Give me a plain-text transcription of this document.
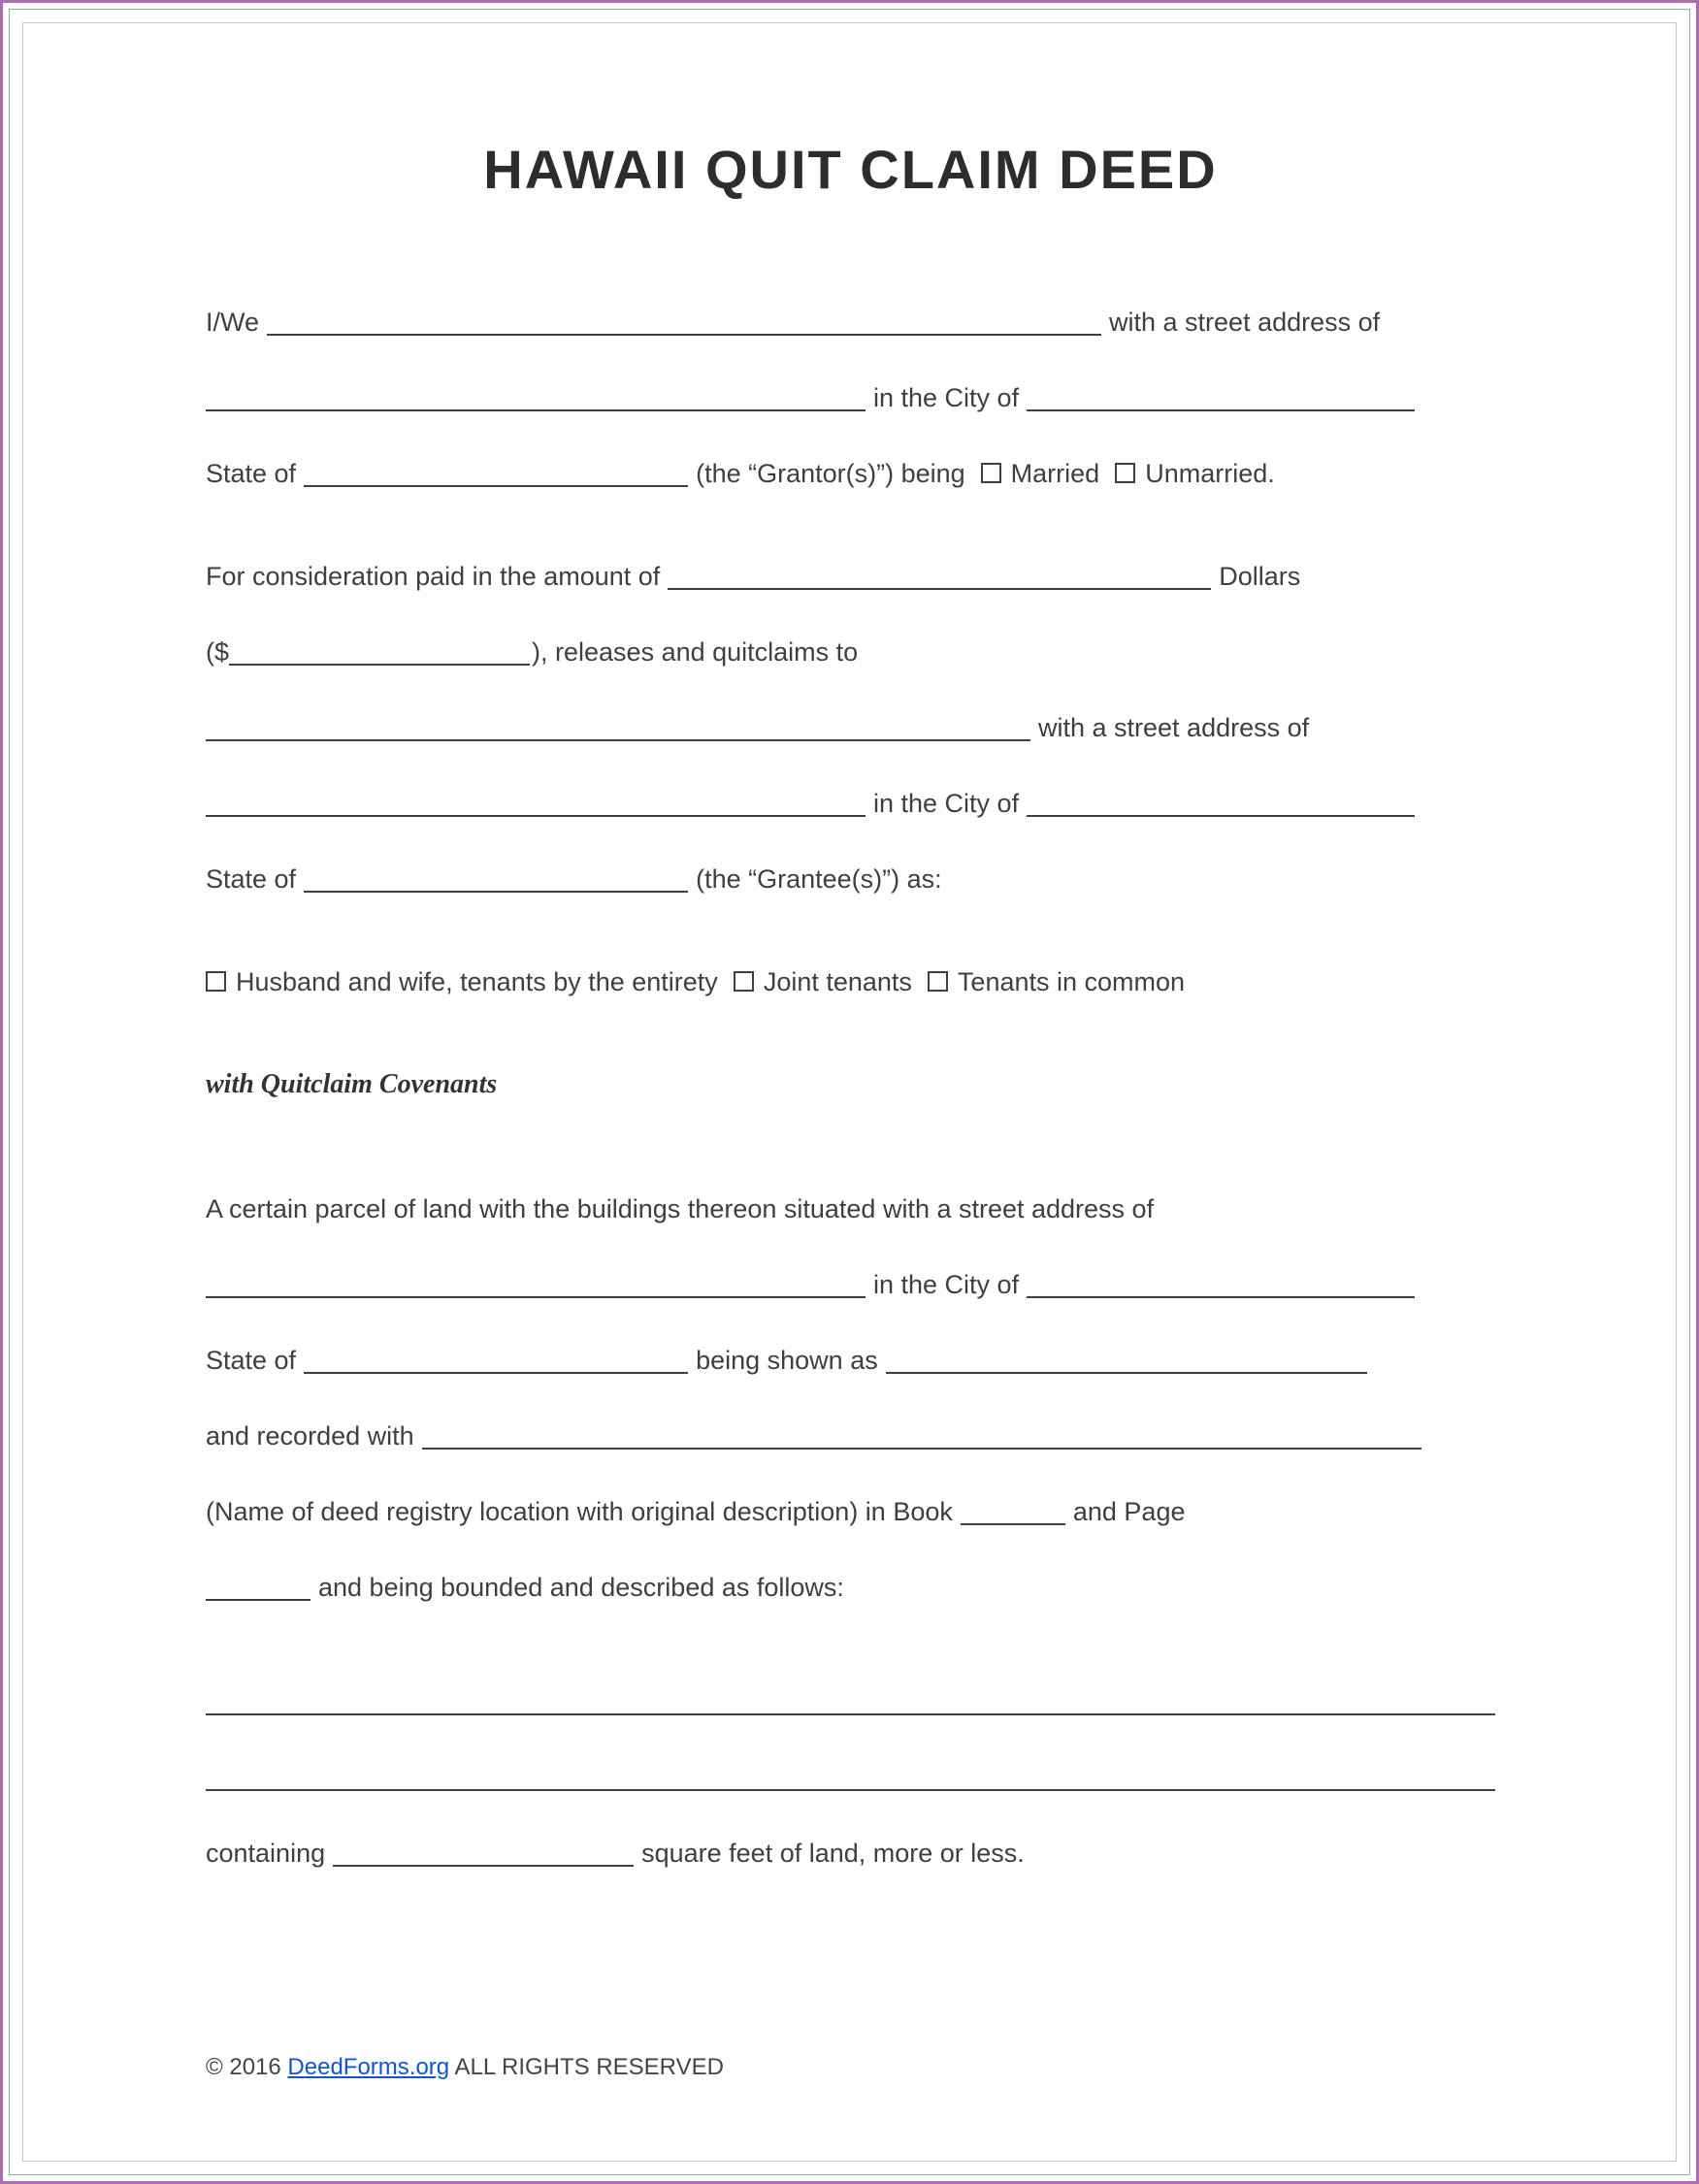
HAWAII QUIT CLAIM DEED

I/We	with a street address of

in the City of

State of	(the “Grantor(s)”) being Married Unmarried.

For consideration paid in the amount of	Dollars

($	), releases and quitclaims to

with a street address of

in the City of

State of	(the “Grantee(s)”) as:

Husband and wife, tenants by the entirety Joint tenants Tenants in common

with Quitclaim Covenants

A certain parcel of land with the buildings thereon situated with a street address of

in the City of

State of	being shown as

and recorded with

(Name of deed registry location with original description) in Book	and Page

and being bounded and described as follows:

containing	square feet of land, more or less.

© 2016 DeedForms.org ALL RIGHTS RESERVED
